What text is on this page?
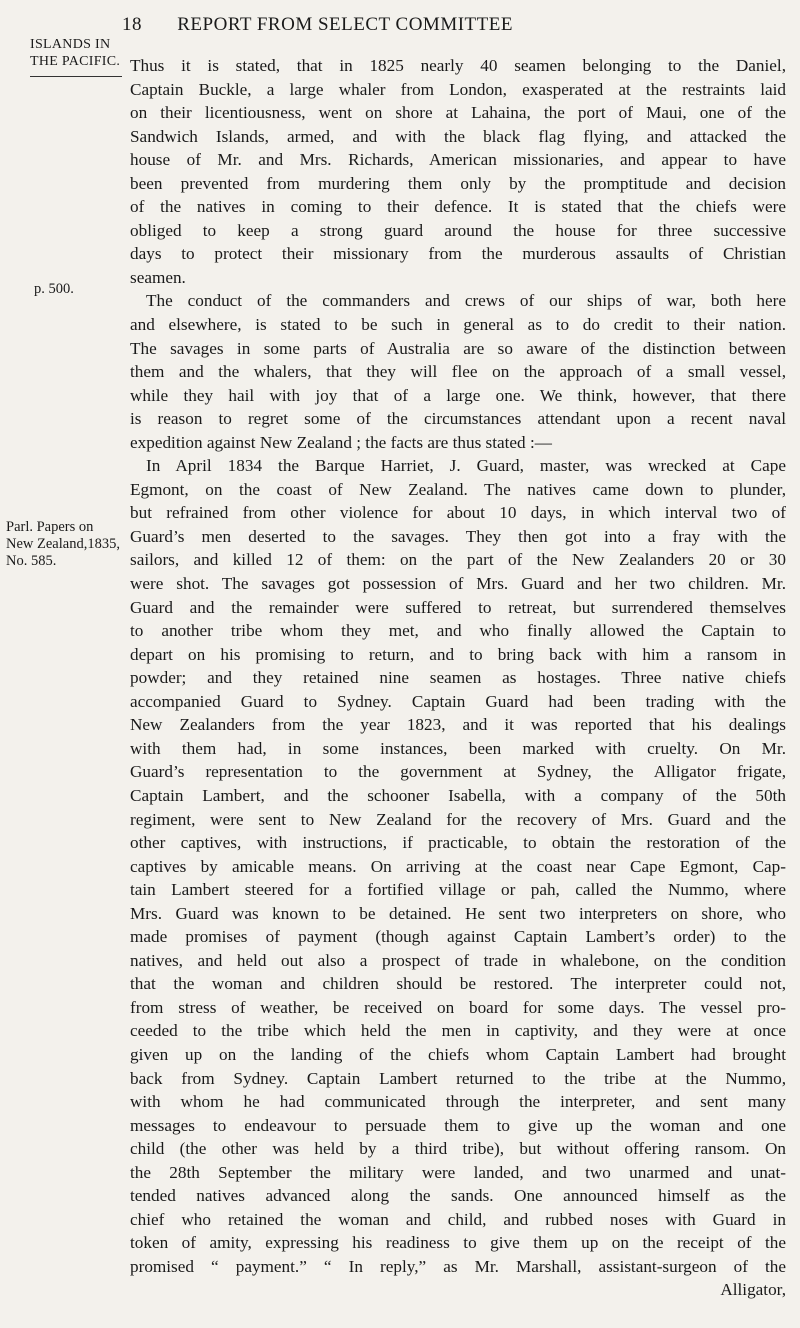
ISLANDS IN
THE PACIFIC.
p. 500.
Parl. Papers on
New Zealand,1835,
No. 585.
18 REPORT FROM SELECT COMMITTEE
Thus it is stated, that in 1825 nearly 40 seamen belonging to the Daniel,
Captain Buckle, a large whaler from London, exasperated at the restraints laid
on their licentiousness, went on shore at Lahaina, the port of Maui, one of the
Sandwich Islands, armed, and with the black flag flying, and attacked the
house of Mr. and Mrs. Richards, American missionaries, and appear to have
been prevented from murdering them only by the promptitude and decision
of the natives in coming to their defence. It is stated that the chiefs were
obliged to keep a strong guard around the house for three successive
days to protect their missionary from the murderous assaults of Christian
seamen.
The conduct of the commanders and crews of our ships of war, both here
and elsewhere, is stated to be such in general as to do credit to their nation.
The savages in some parts of Australia are so aware of the distinction between
them and the whalers, that they will flee on the approach of a small vessel,
while they hail with joy that of a large one. We think, however, that there
is reason to regret some of the circumstances attendant upon a recent naval
expedition against New Zealand ; the facts are thus stated :—
In April 1834 the Barque Harriet, J. Guard, master, was wrecked at Cape
Egmont, on the coast of New Zealand. The natives came down to plunder,
but refrained from other violence for about 10 days, in which interval two of
Guard’s men deserted to the savages. They then got into a fray with the
sailors, and killed 12 of them: on the part of the New Zealanders 20 or 30
were shot. The savages got possession of Mrs. Guard and her two children. Mr.
Guard and the remainder were suffered to retreat, but surrendered themselves
to another tribe whom they met, and who finally allowed the Captain to
depart on his promising to return, and to bring back with him a ransom in
powder; and they retained nine seamen as hostages. Three native chiefs
accompanied Guard to Sydney. Captain Guard had been trading with the
New Zealanders from the year 1823, and it was reported that his dealings
with them had, in some instances, been marked with cruelty. On Mr.
Guard’s representation to the government at Sydney, the Alligator frigate,
Captain Lambert, and the schooner Isabella, with a company of the 50th
regiment, were sent to New Zealand for the recovery of Mrs. Guard and the
other captives, with instructions, if practicable, to obtain the restoration of the
captives by amicable means. On arriving at the coast near Cape Egmont, Cap-
tain Lambert steered for a fortified village or pah, called the Nummo, where
Mrs. Guard was known to be detained. He sent two interpreters on shore, who
made promises of payment (though against Captain Lambert’s order) to the
natives, and held out also a prospect of trade in whalebone, on the condition
that the woman and children should be restored. The interpreter could not,
from stress of weather, be received on board for some days. The vessel pro-
ceeded to the tribe which held the men in captivity, and they were at once
given up on the landing of the chiefs whom Captain Lambert had brought
back from Sydney. Captain Lambert returned to the tribe at the Nummo,
with whom he had communicated through the interpreter, and sent many
messages to endeavour to persuade them to give up the woman and one
child (the other was held by a third tribe), but without offering ransom. On
the 28th September the military were landed, and two unarmed and unat-
tended natives advanced along the sands. One announced himself as the
chief who retained the woman and child, and rubbed noses with Guard in
token of amity, expressing his readiness to give them up on the receipt of the
promised “ payment.” “ In reply,” as Mr. Marshall, assistant-surgeon of the
Alligator,
